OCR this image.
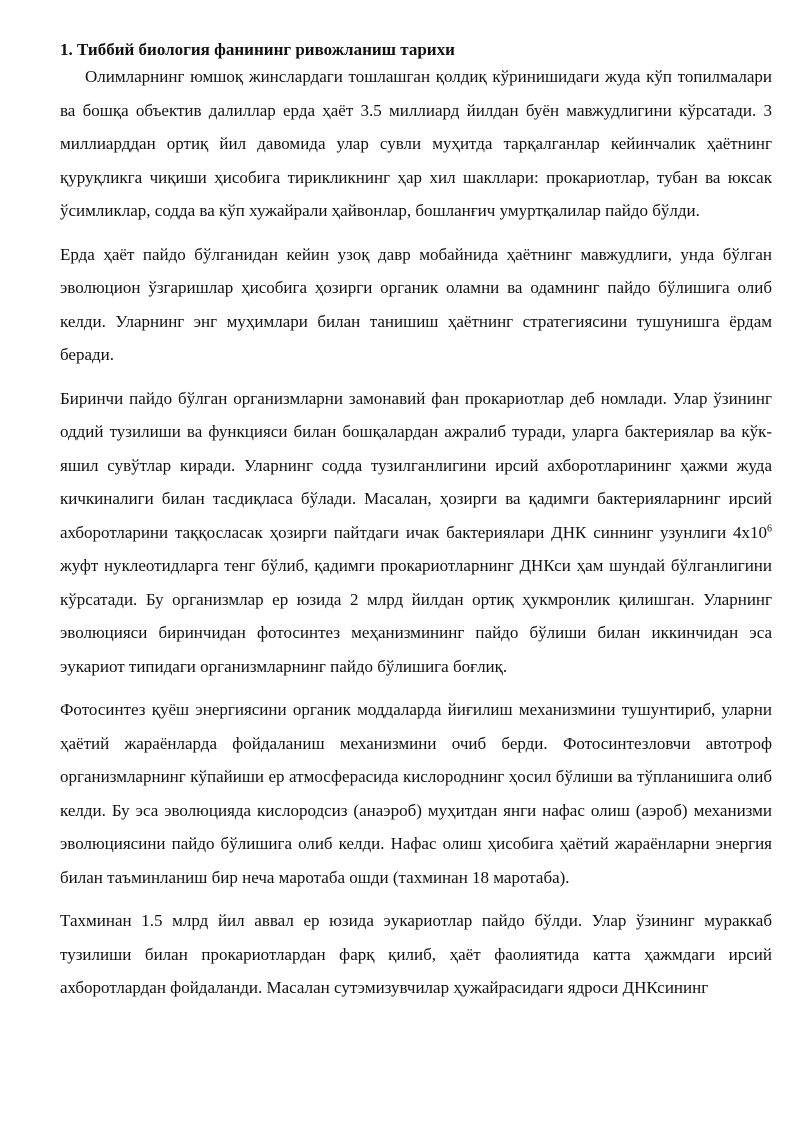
1. Тиббий биология фанининг ривожланиш тарихи

Олимларнинг юмшоқ жинслардаги тошлашган қолдиқ кўринишидаги жуда кўп топилмалари ва бошқа объектив далиллар ерда ҳаёт 3.5 миллиард йилдан буён мавжудлигини кўрсатади. 3 миллиарддан ортиқ йил давомида улар сувли муҳитда тарқалганлар кейинчалик ҳаётнинг қуруқликга чиқиши ҳисобига тирикликнинг ҳар хил шакллари: прокариотлар, тубан ва юксак ўсимликлар, содда ва кўп хужайрали ҳайвонлар, бошланғич умуртқалилар пайдо бўлди.

Ерда ҳаёт пайдо бўлганидан кейин узоқ давр мобайнида ҳаётнинг мавжудлиги, унда бўлган эволюцион ўзгаришлар ҳисобига ҳозирги органик оламни ва одамнинг пайдо бўлишига олиб келди. Уларнинг энг муҳимлари билан танишиш ҳаётнинг стратегиясини тушунишга ёрдам беради.

Биринчи пайдо бўлган организмларни замонавий фан прокариотлар деб номлади. Улар ўзининг оддий тузилиши ва функцияси билан бошқалардан ажралиб туради, уларга бактериялар ва кўк-яшил сувўтлар киради. Уларнинг содда тузилганлигини ирсий ахборотларининг ҳажми жуда кичкиналиги билан тасдиқласа бўлади. Масалан, ҳозирги ва қадимги бактерияларнинг ирсий ахборотларини таққосласак ҳозирги пайтдаги ичак бактериялари ДНК синнинг узунлиги $4х10^6$ жуфт нуклеотидларга тенг бўлиб, қадимги прокариотларнинг ДНКси ҳам шундай бўлганлигини кўрсатади. Бу организмлар ер юзида 2 млрд йилдан ортиқ ҳукмронлик қилишган. Уларнинг эволюцияси биринчидан фотосинтез меҳанизмининг пайдо бўлиши билан иккинчидан эса эукариот типидаги организмларнинг пайдо бўлишига боғлиқ.

Фотосинтез қуёш энергиясини органик моддаларда йиғилиш механизмини тушунтириб, уларни ҳаётий жараёнларда фойдаланиш механизмини очиб берди. Фотосинтезловчи автотроф организмларнинг кўпайиши ер атмосферасида кислороднинг ҳосил бўлиши ва тўпланишига олиб келди. Бу эса эволюцияда кислородсиз (анаэроб) муҳитдан янги нафас олиш (аэроб) механизми эволюциясини пайдо бўлишига олиб келди. Нафас олиш ҳисобига ҳаётий жараёнларни энергия билан таъминланиш бир неча маротаба ошди (тахминан 18 маротаба).

Тахминан 1.5 млрд йил аввал ер юзида эукариотлар пайдо бўлди. Улар ўзининг мураккаб тузилиши билан прокариотлардан фарқ қилиб, ҳаёт фаолиятида катта ҳажмдаги ирсий ахборотлардан фойдаланди. Масалан сутэмизувчилар ҳужайрасидаги ядроси ДНКсининг
